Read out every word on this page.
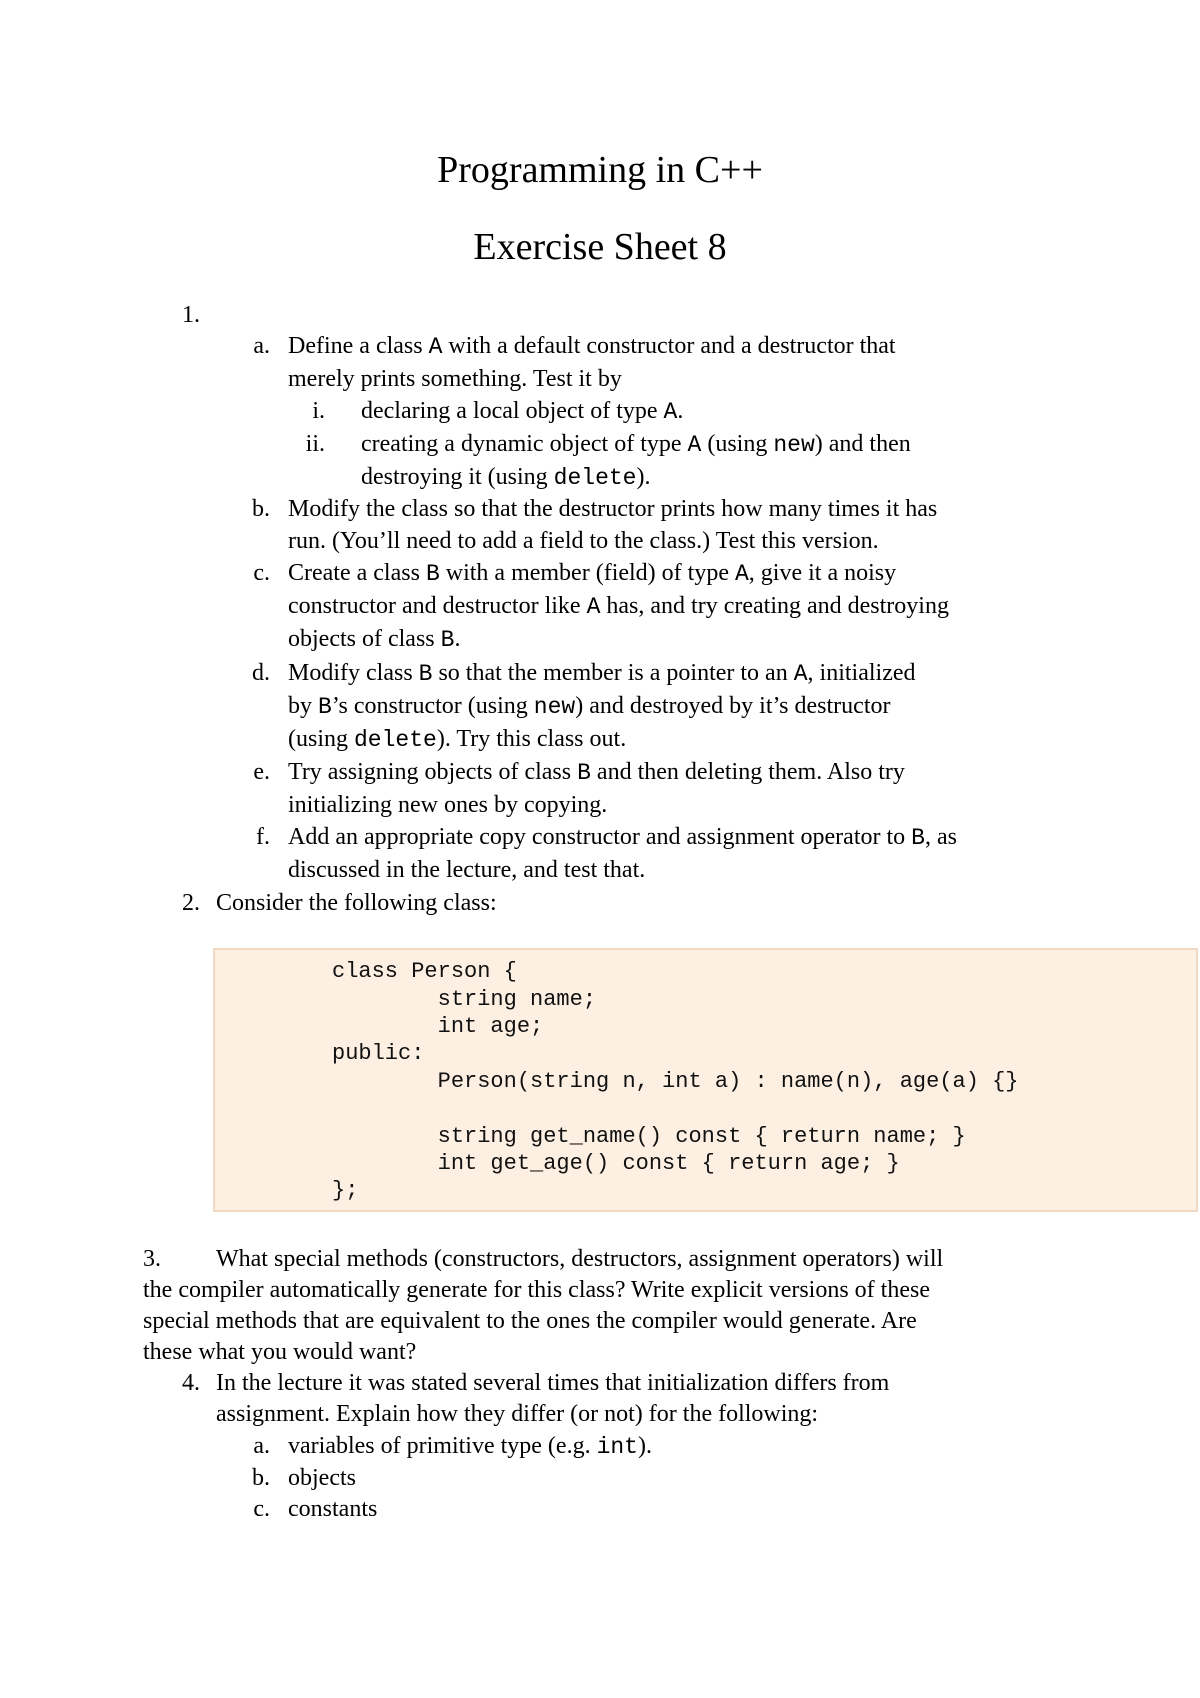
Programming in C++
Exercise Sheet 8
1.
a. Define a class A with a default constructor and a destructor that
merely prints something. Test it by
i. declaring a local object of type A.
ii. creating a dynamic object of type A (using new) and then
destroying it (using delete).
b. Modify the class so that the destructor prints how many times it has
run. (You’ll need to add a field to the class.) Test this version.
c. Create a class B with a member (field) of type A, give it a noisy
constructor and destructor like A has, and try creating and destroying
objects of class B.
d. Modify class B so that the member is a pointer to an A, initialized
by B’s constructor (using new) and destroyed by it’s destructor
(using delete). Try this class out.
e. Try assigning objects of class B and then deleting them. Also try
initializing new ones by copying.
f. Add an appropriate copy constructor and assignment operator to B, as
discussed in the lecture, and test that.
2. Consider the following class:
class Person {
string name;
int age;
public:
Person(string n, int a) : name(n), age(a) {}
string get_name() const { return name; }
int get_age() const { return age; }
};
3. What special methods (constructors, destructors, assignment operators) will
the compiler automatically generate for this class? Write explicit versions of these
special methods that are equivalent to the ones the compiler would generate. Are
these what you would want?
4. In the lecture it was stated several times that initialization differs from
assignment. Explain how they differ (or not) for the following:
a. variables of primitive type (e.g. int).
b. objects
c. constants
